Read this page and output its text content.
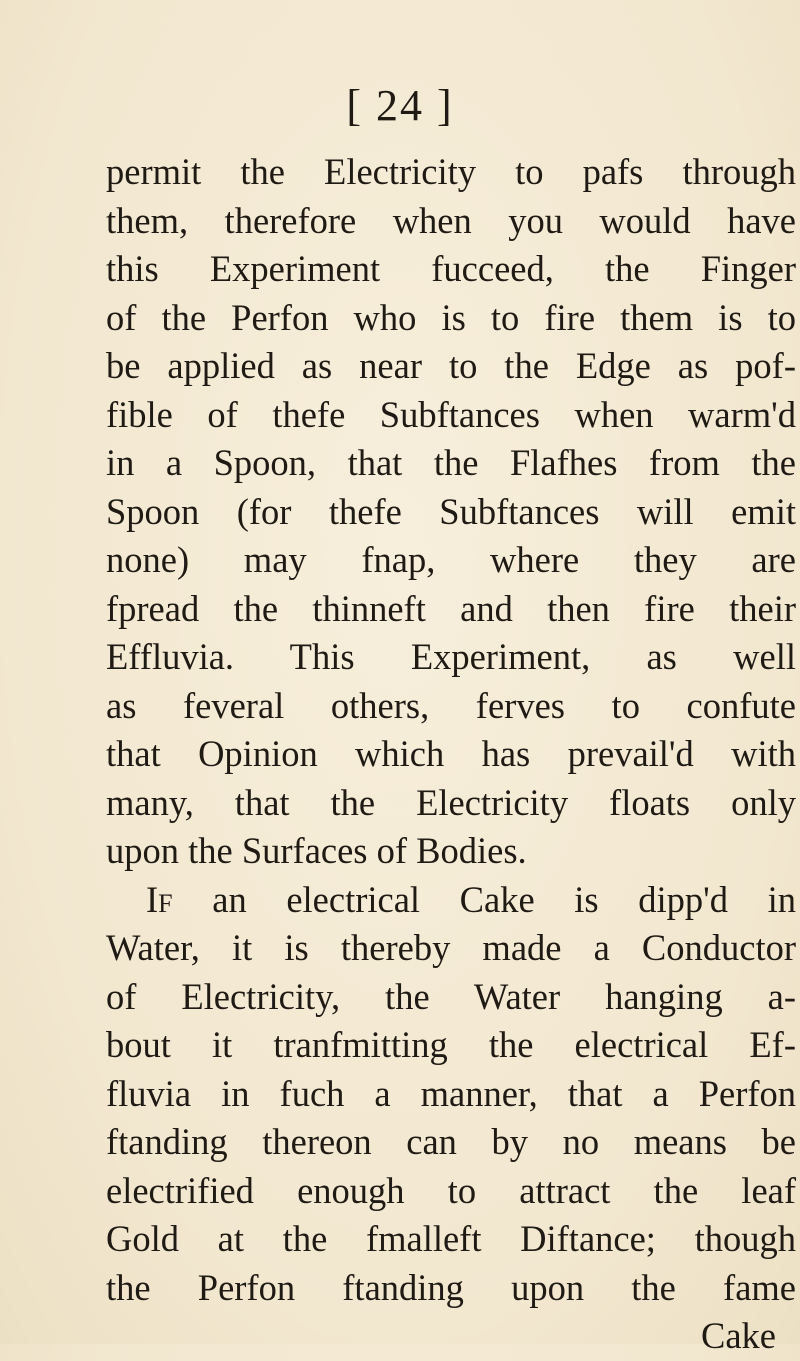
[ 24 ]
permit the Electricity to pafs through
them, therefore when you would have
this Experiment fucceed, the Finger
of the Perfon who is to fire them is to
be applied as near to the Edge as pof-
fible of thefe Subftances when warm'd
in a Spoon, that the Flafhes from the
Spoon (for thefe Subftances will emit
none) may fnap, where they are
fpread the thinneft and then fire their
Effluvia. This Experiment, as well
as feveral others, ferves to confute
that Opinion which has prevail'd with
many, that the Electricity floats only
upon the Surfaces of Bodies.
If an electrical Cake is dipp'd in
Water, it is thereby made a Conductor
of Electricity, the Water hanging a-
bout it tranfmitting the electrical Ef-
fluvia in fuch a manner, that a Perfon
ftanding thereon can by no means be
electrified enough to attract the leaf
Gold at the fmalleft Diftance; though
the Perfon ftanding upon the fame
Cake
